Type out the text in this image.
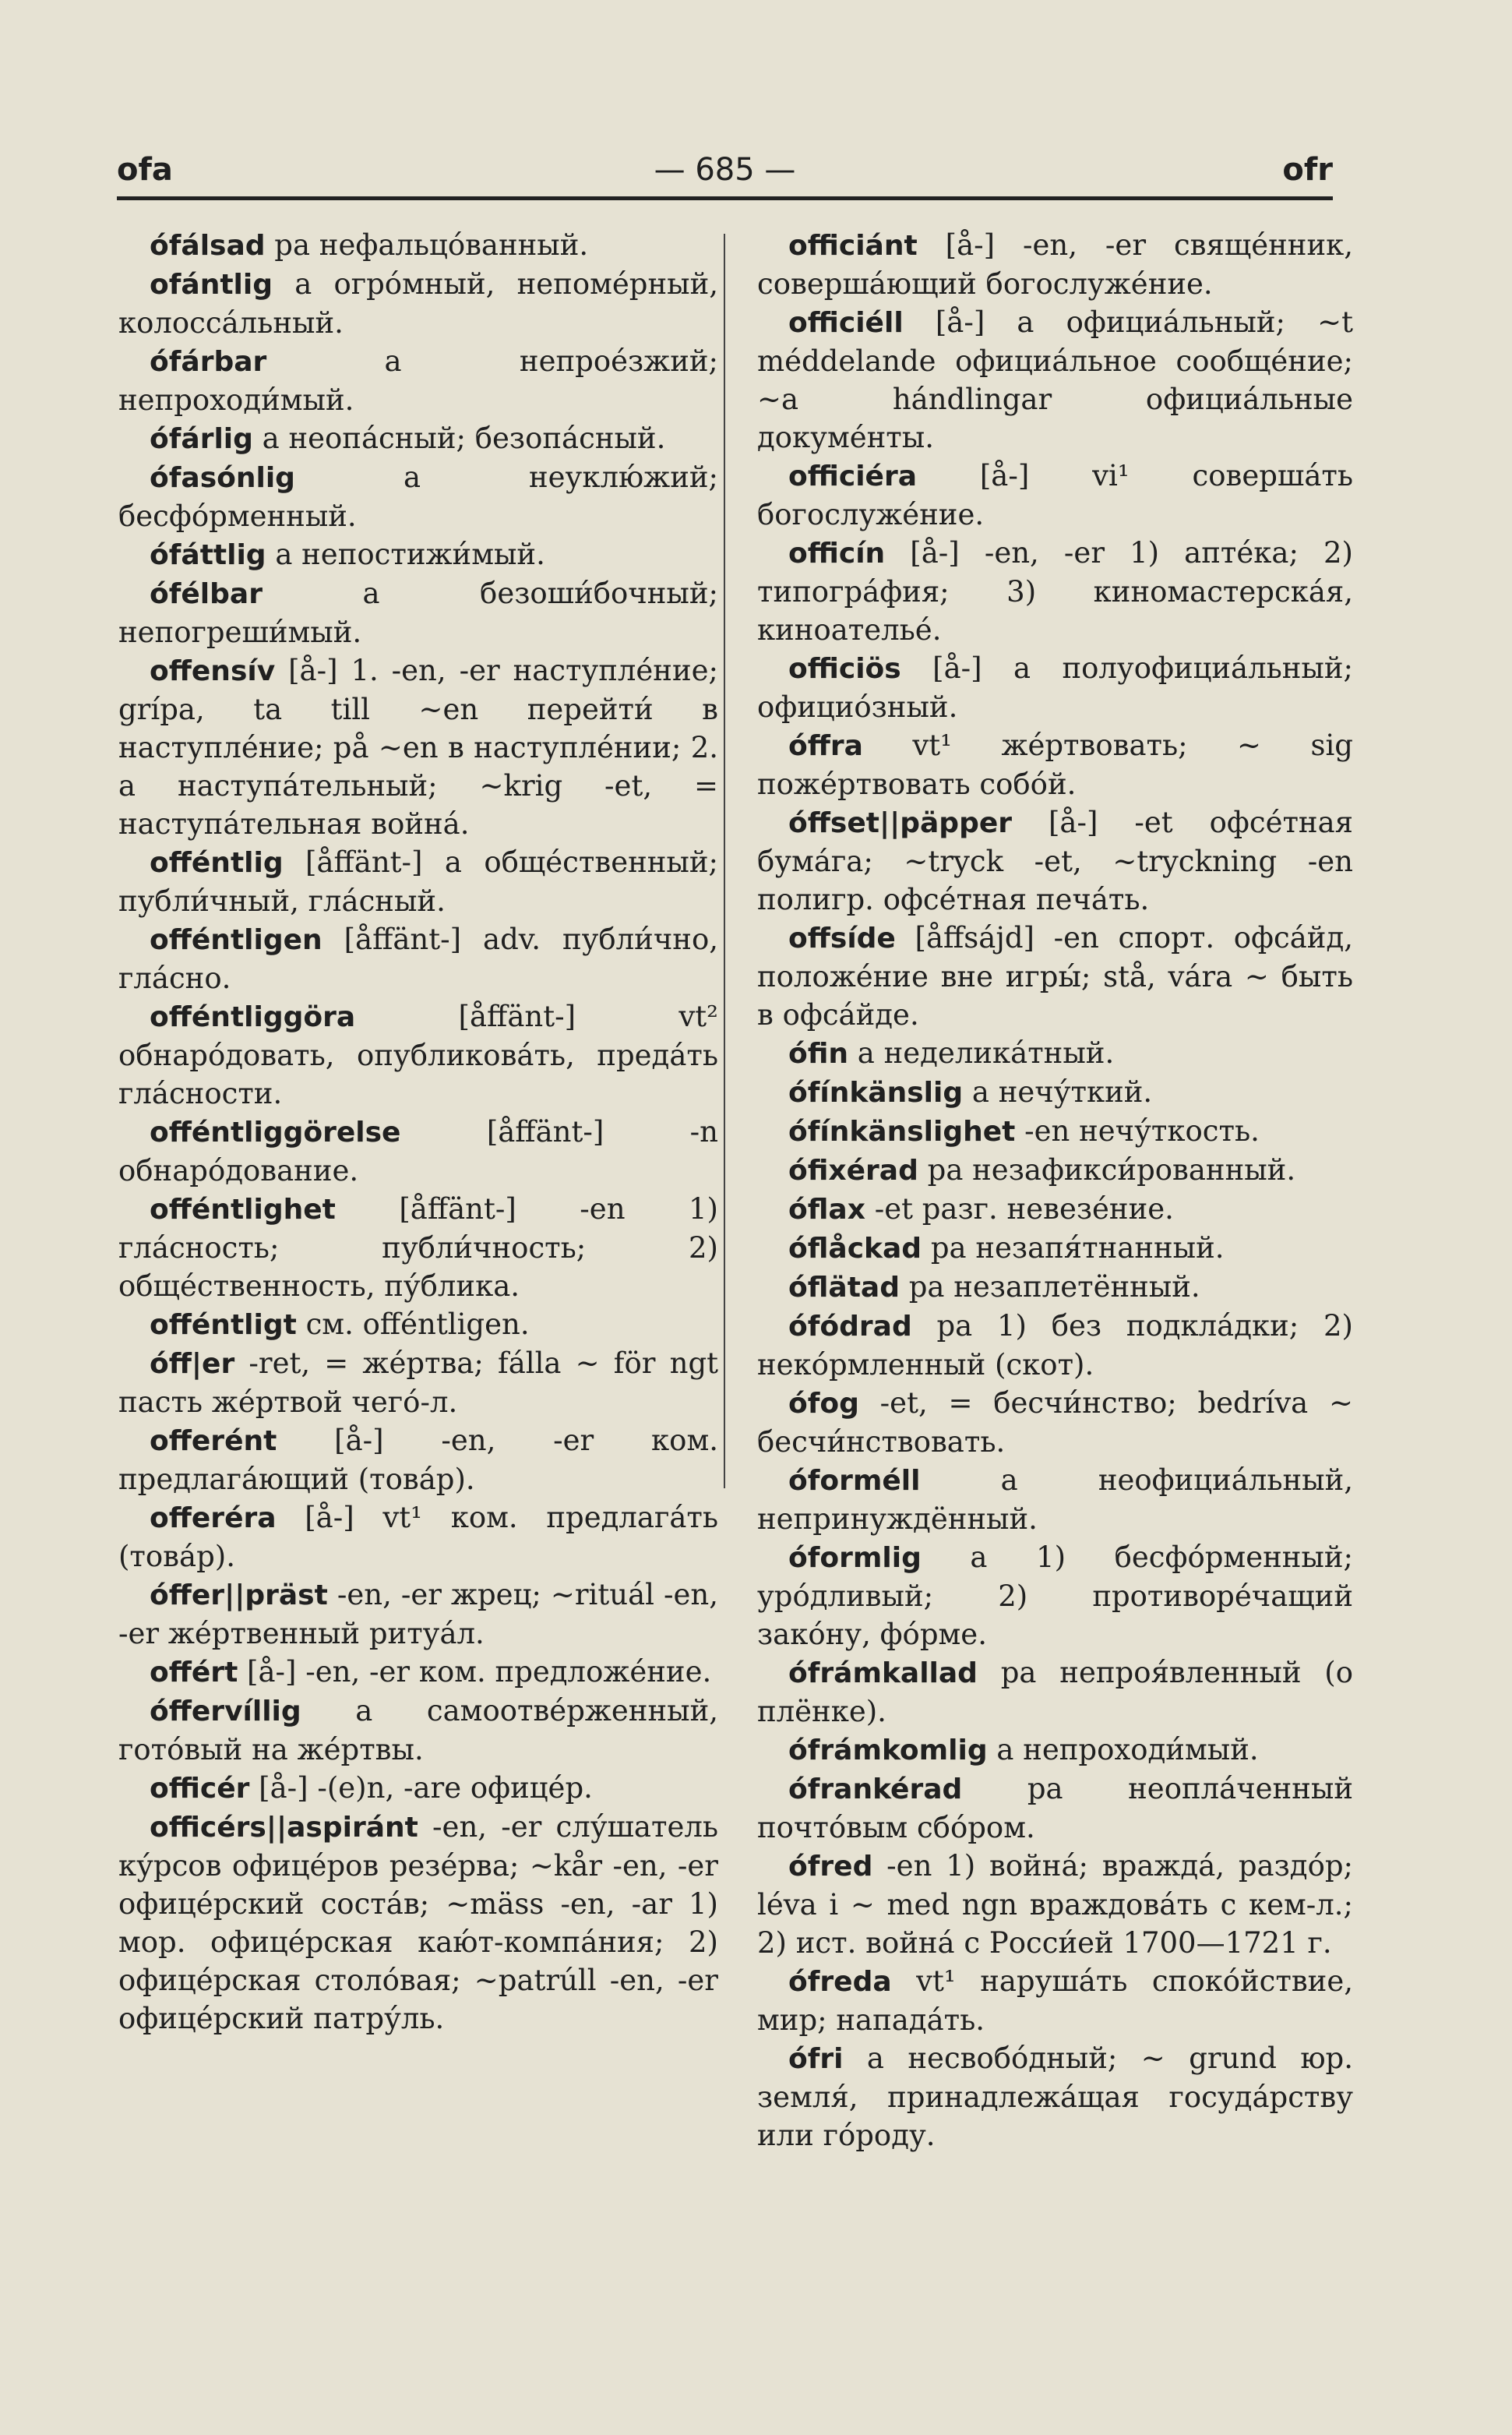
ofa	— 685 —	ofr

ófálsad pa нефальцо́ванный.

ofántlig a огро́мный, непоме́рный, колосса́льный.

ófárbar a непрое́зжий; непроходи́мый.

ófárlig a неопа́сный; безопа́сный.

ófasónlig a неуклю́жий; бесфо́рменный.

ófáttlig a непостижи́мый.

ófélbar a безоши́бочный; непогреши́мый.

offensív [å-] 1. -en, -er наступле́ние; grípa, ta till ~en перейти́ в наступле́ние; på ~en в наступле́нии; 2. a наступа́тельный; ~krig -et, = наступа́тельная война́.

offéntlig [åffänt-] a обще́ственный; публи́чный, гла́сный.

offéntligen [åffänt-] adv. публи́чно, гла́сно.

offéntliggöra [åffänt-] vt² обнаро́довать, опубликова́ть, преда́ть гла́сности.

offéntliggörelse [åffänt-] -n обнаро́дование.

offéntlighet [åffänt-] -en 1) гла́сность; публи́чность; 2) обще́ственность, пу́блика.

offéntligt см. offéntligen.

óff|er -ret, = же́ртва; fálla ~ för ngt пасть же́ртвой чего́-л.

offerént [å-] -en, -er ком. предлага́ющий (това́р).

offeréra [å-] vt¹ ком. предлага́ть (това́р).

óffer||präst -en, -er жрец; ~rituál -en, -er же́ртвенный ритуа́л.

offért [å-] -en, -er ком. предложе́ние.

óffervíllig a самоотве́рженный, гото́вый на же́ртвы.

officér [å-] -(e)n, -are офице́р.

officérs||aspiránt -en, -er слу́шатель ку́рсов офице́ров резе́рва; ~kår -en, -er офице́рский соста́в; ~mäss -en, -ar 1) мор. офице́рская каю́т-компа́ния; 2) офице́рская столо́вая; ~patrúll -en, -er офице́рский патру́ль.

officiánt [å-] -en, -er свяще́нник, соверша́ющий богослуже́ние.

officiéll [å-] a официа́льный; ~t méddelande официа́льное сообще́ние; ~a hándlingar официа́льные докуме́нты.

officiéra [å-] vi¹ соверша́ть богослуже́ние.

officín [å-] -en, -er 1) апте́ка; 2) типогра́фия; 3) киномастерска́я, киноателье́.

officiös [å-] a полуофициа́льный; официо́зный.

óffra vt¹ же́ртвовать; ~ sig поже́ртвовать собо́й.

óffset||päpper [å-] -et офсе́тная бума́га; ~tryck -et, ~tryckning -en полигр. офсе́тная печа́ть.

offsíde [åffsájd] -en спорт. офса́йд, положе́ние вне игры́; stå, vára ~ быть в офса́йде.

ófin a неделика́тный.

ófínkänslig a нечу́ткий.

ófínkänslighet -en нечу́ткость.

ófixérad pa незафикси́рованный.

óflax -et разг. невезе́ние.

óflåckad pa незапя́тнанный.

óflätad pa незаплетённый.

ófódrad pa 1) без подкла́дки; 2) неко́рмленный (скот).

ófog -et, = бесчи́нство; bedríva ~ бесчи́нствовать.

óforméll a неофициа́льный, непринуждённый.

óformlig a 1) бесфо́рменный; уро́дливый; 2) противоре́чащий зако́ну, фо́рме.

ófrámkallad pa непроя́вленный (о плёнке).

ófrámkomlig a непроходи́мый.

ófrankérad pa неопла́ченный почто́вым сбо́ром.

ófred -en 1) война́; вражда́, раздо́р; léva i ~ med ngn враждова́ть с кем-л.; 2) ист. война́ с Росси́ей 1700—1721 г.

ófreda vt¹ наруша́ть споко́йствие, мир; напада́ть.

ófri a несвобо́дный; ~ grund юр. земля́, принадлежа́щая госуда́рству или го́роду.
